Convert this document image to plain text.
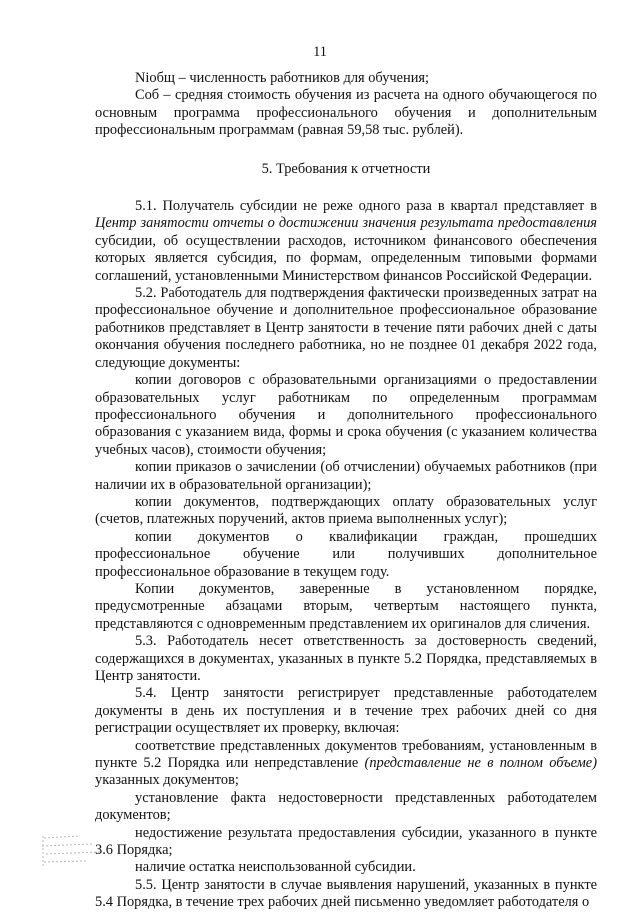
11

Nioбщ – численность работников для обучения;

Cоб – средняя стоимость обучения из расчета на одного обучающегося по основным программа профессионального обучения и дополнительным профессиональным программам (равная 59,58 тыс. рублей).

5. Требования к отчетности

5.1. Получатель субсидии не реже одного раза в квартал представляет в Центр занятости отчеты о достижении значения результата предоставления субсидии, об осуществлении расходов, источником финансового обеспечения которых является субсидия, по формам, определенным типовыми формами соглашений, установленными Министерством финансов Российской Федерации.

5.2. Работодатель для подтверждения фактически произведенных затрат на профессиональное обучение и дополнительное профессиональное образование работников представляет в Центр занятости в течение пяти рабочих дней с даты окончания обучения последнего работника, но не позднее 01 декабря 2022 года, следующие документы:

копии договоров с образовательными организациями о предоставлении образовательных услуг работникам по определенным программам профессионального обучения и дополнительного профессионального образования с указанием вида, формы и срока обучения (с указанием количества учебных часов), стоимости обучения;

копии приказов о зачислении (об отчислении) обучаемых работников (при наличии их в образовательной организации);

копии документов, подтверждающих оплату образовательных услуг (счетов, платежных поручений, актов приема выполненных услуг);

копии документов о квалификации граждан, прошедших профессиональное обучение или получивших дополнительное профессиональное образование в текущем году.

Копии документов, заверенные в установленном порядке, предусмотренные абзацами вторым, четвертым настоящего пункта, представляются с одновременным представлением их оригиналов для сличения.

5.3. Работодатель несет ответственность за достоверность сведений, содержащихся в документах, указанных в пункте 5.2 Порядка, представляемых в Центр занятости.

5.4. Центр занятости регистрирует представленные работодателем документы в день их поступления и в течение трех рабочих дней со дня регистрации осуществляет их проверку, включая:

соответствие представленных документов требованиям, установленным в пункте 5.2 Порядка или непредставление (представление не в полном объеме) указанных документов;

установление факта недостоверности представленных работодателем документов;

недостижение результата предоставления субсидии, указанного в пункте 3.6 Порядка;

наличие остатка неиспользованной субсидии.

5.5. Центр занятости в случае выявления нарушений, указанных в пункте 5.4 Порядка, в течение трех рабочих дней письменно уведомляет работодателя о
